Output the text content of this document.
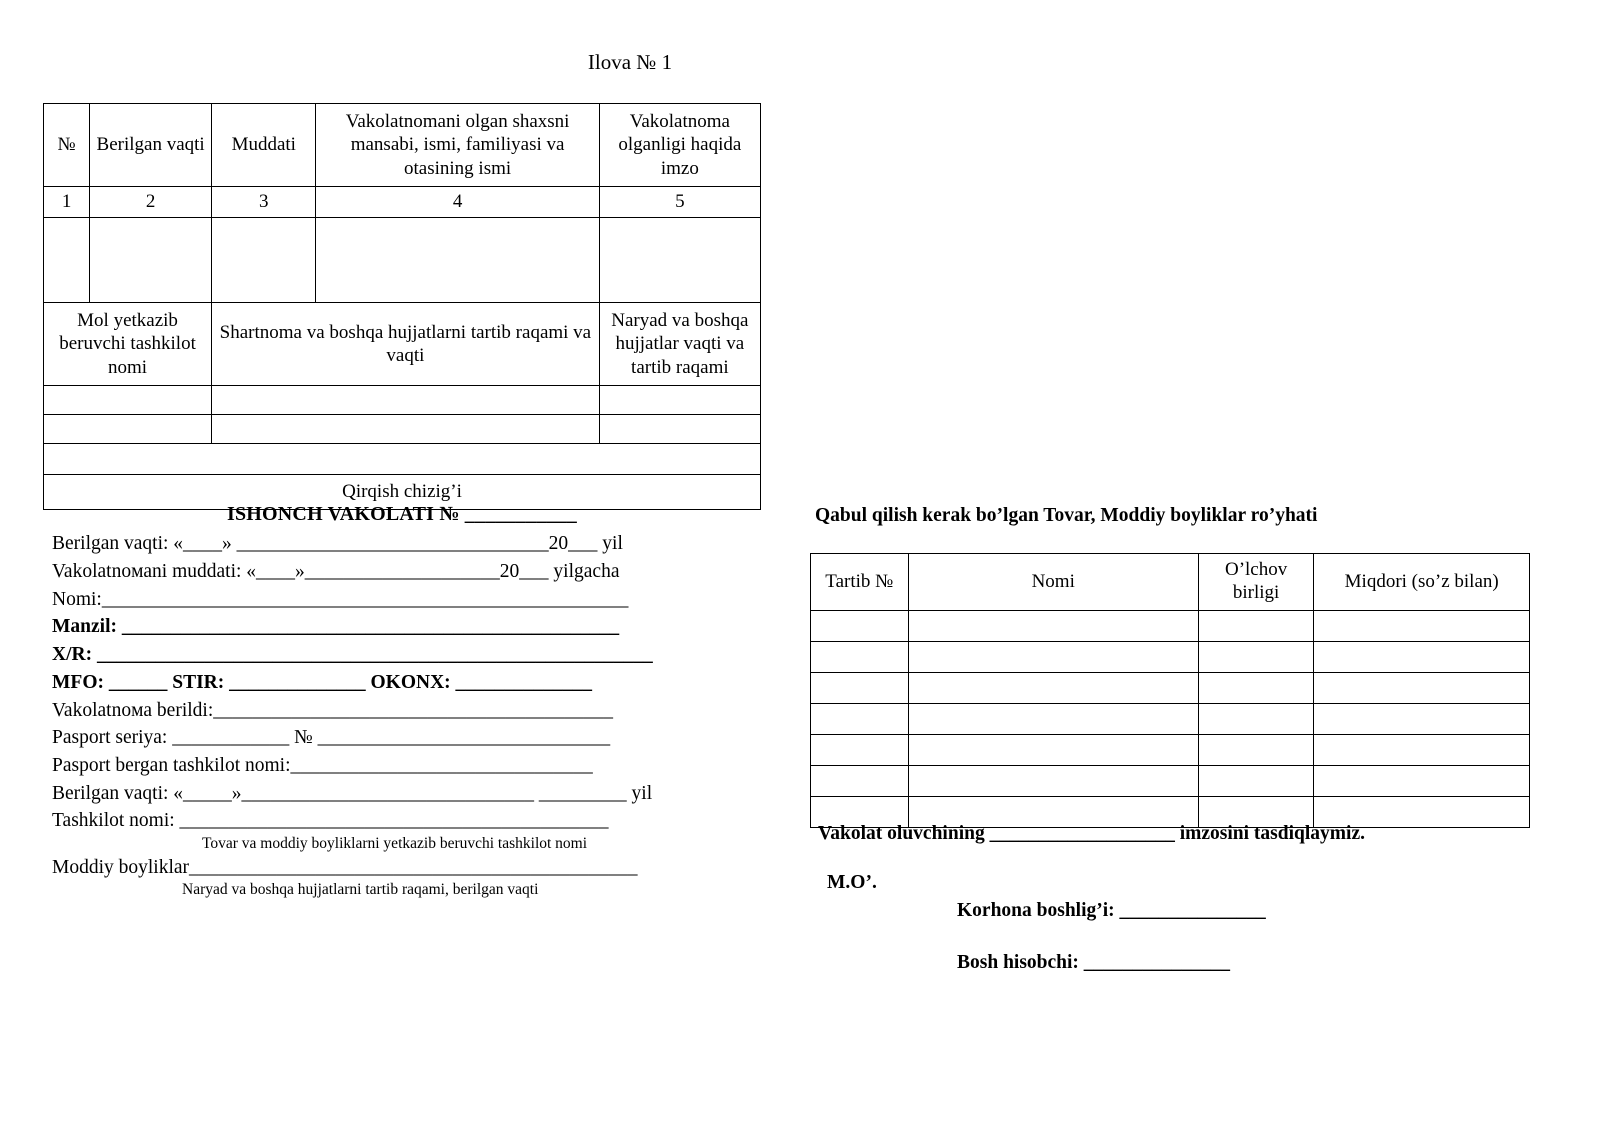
Ilova № 1
№	Berilgan vaqti	Muddati	Vakolatnomani olgan shaxsni mansabi, ismi, familiyasi va otasining ismi	Vakolatnoma olganligi haqida imzo
1	2	3	4	5

Mol yetkazib beruvchi tashkilot nomi		Shartnoma va boshqa hujjatlarni tartib raqami va vaqti		Naryad va boshqa hujjatlar vaqti va tartib raqami

Qirqish chizig’i				
ISHONCH VAKOLATI № ___________
Berilgan vaqti: «____» ________________________________20___ yil
Vakolatnoмani muddati: «____»____________________20___ yilgacha
Nomi:______________________________________________________
Manzil: ___________________________________________________
X/R: _________________________________________________________
MFO: ______ STIR: ______________ OKONX: ______________
Vakolatnoмa berildi:_________________________________________
Pasport seriya: ____________ № ______________________________
Pasport bergan tashkilot nomi:_______________________________
Berilgan vaqti: «_____»______________________________ _________ yil
Tashkilot nomi: ____________________________________________
Tovar va moddiy boyliklarni yetkazib beruvchi tashkilot nomi
Moddiy boyliklar______________________________________________
Naryad va boshqa hujjatlarni tartib raqami, berilgan vaqti
Qabul qilish kerak bo’lgan Tovar, Moddiy boyliklar ro’yhati
Tartib №	Nomi	O’lchov birligi	Miqdori (so’z bilan)

Vakolat oluvchining ___________________ imzosini tasdiqlaymiz.
M.O’.
Korhona boshlig’i: _______________
Bosh hisobchi: _______________
